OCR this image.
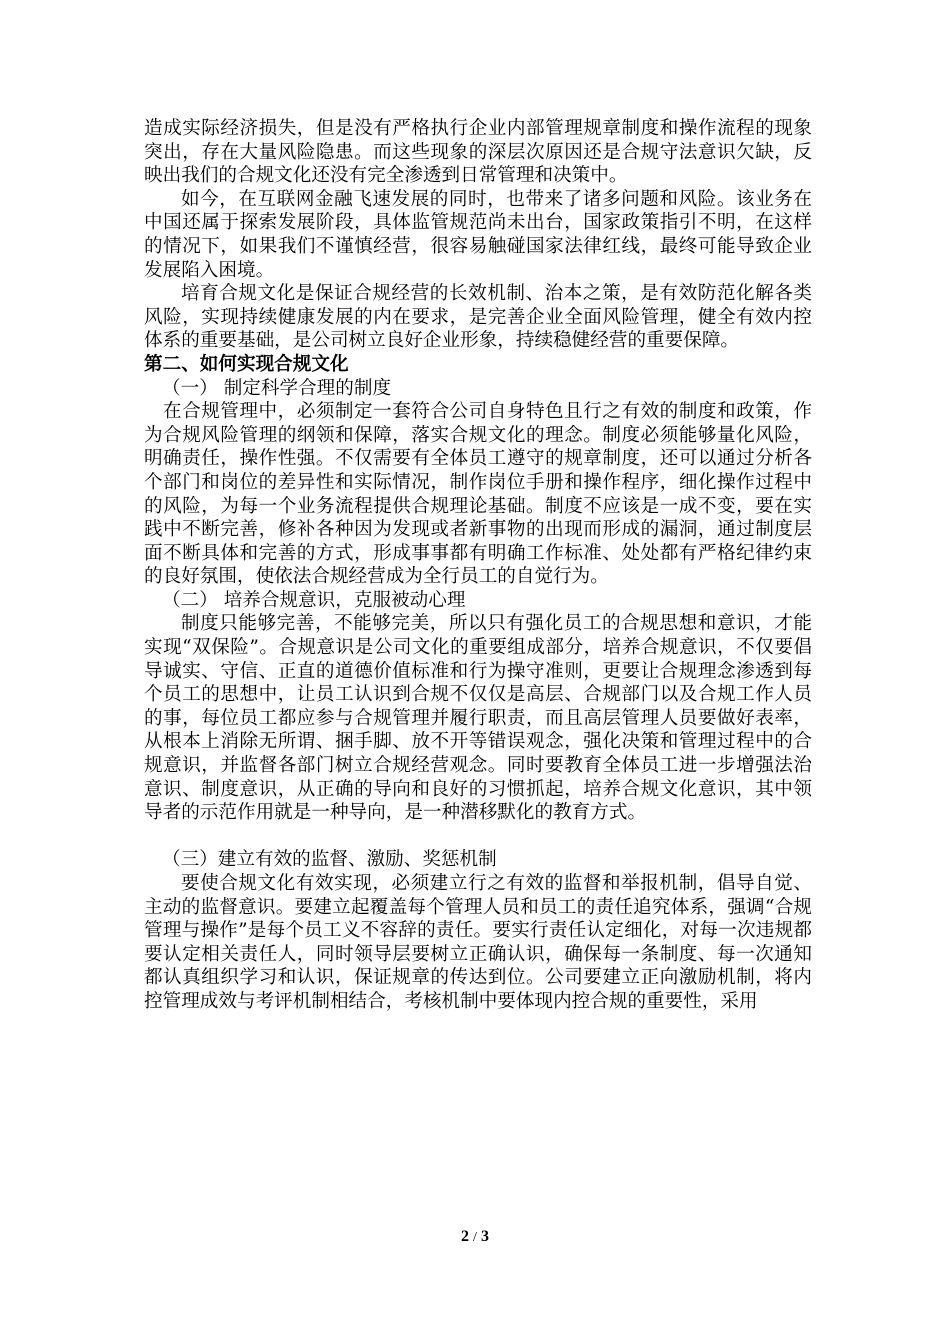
造成实际经济损失，但是没有严格执行企业内部管理规章制度和操作流程的现象突出，存在大量风险隐患。而这些现象的深层次原因还是合规守法意识欠缺，反映出我们的合规文化还没有完全渗透到日常管理和决策中。

如今，在互联网金融飞速发展的同时，也带来了诸多问题和风险。该业务在中国还属于探索发展阶段，具体监管规范尚未出台，国家政策指引不明，在这样的情况下，如果我们不谨慎经营，很容易触碰国家法律红线，最终可能导致企业发展陷入困境。

培育合规文化是保证合规经营的长效机制、治本之策，是有效防范化解各类风险，实现持续健康发展的内在要求，是完善企业全面风险管理，健全有效内控体系的重要基础，是公司树立良好企业形象，持续稳健经营的重要保障。

第二、如何实现合规文化

（一） 制定科学合理的制度

在合规管理中，必须制定一套符合公司自身特色且行之有效的制度和政策，作为合规风险管理的纲领和保障，落实合规文化的理念。制度必须能够量化风险，明确责任，操作性强。不仅需要有全体员工遵守的规章制度，还可以通过分析各个部门和岗位的差异性和实际情况，制作岗位手册和操作程序，细化操作过程中的风险，为每一个业务流程提供合规理论基础。制度不应该是一成不变，要在实践中不断完善，修补各种因为发现或者新事物的出现而形成的漏洞，通过制度层面不断具体和完善的方式，形成事事都有明确工作标准、处处都有严格纪律约束的良好氛围，使依法合规经营成为全行员工的自觉行为。

（二） 培养合规意识，克服被动心理

制度只能够完善，不能够完美，所以只有强化员工的合规思想和意识，才能实现“双保险”。合规意识是公司文化的重要组成部分，培养合规意识，不仅要倡导诚实、守信、正直的道德价值标准和行为操守准则，更要让合规理念渗透到每个员工的思想中，让员工认识到合规不仅仅是高层、合规部门以及合规工作人员的事，每位员工都应参与合规管理并履行职责，而且高层管理人员要做好表率，从根本上消除无所谓、捆手脚、放不开等错误观念，强化决策和管理过程中的合规意识，并监督各部门树立合规经营观念。同时要教育全体员工进一步增强法治意识、制度意识，从正确的导向和良好的习惯抓起，培养合规文化意识，其中领导者的示范作用就是一种导向，是一种潜移默化的教育方式。

（三）建立有效的监督、激励、奖惩机制

要使合规文化有效实现，必须建立行之有效的监督和举报机制，倡导自觉、主动的监督意识。要建立起覆盖每个管理人员和员工的责任追究体系，强调“合规管理与操作”是每个员工义不容辞的责任。要实行责任认定细化，对每一次违规都要认定相关责任人，同时领导层要树立正确认识，确保每一条制度、每一次通知都认真组织学习和认识，保证规章的传达到位。公司要建立正向激励机制，将内控管理成效与考评机制相结合，考核机制中要体现内控合规的重要性，采用

2 / 3
